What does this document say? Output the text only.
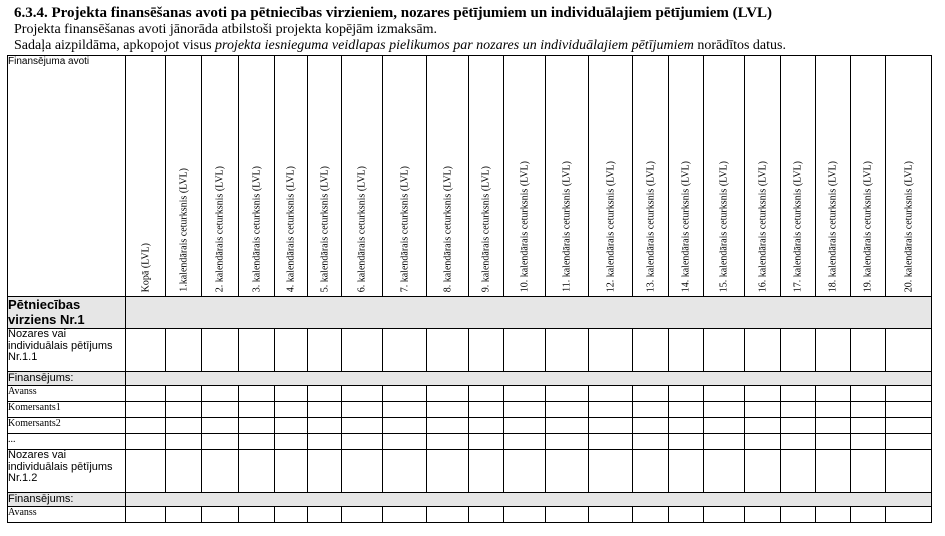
6.3.4. Projekta finansēšanas avoti pa pētniecības virzieniem, nozares pētījumiem un individuālajiem pētījumiem (LVL)
Projekta finansēšanas avoti jānorāda atbilstoši projekta kopējām izmaksām.
Sadaļa aizpildāma, apkopojot visus projekta iesnieguma veidlapas pielikumos par nozares un individuālajiem pētījumiem norādītos datus.
Finansējuma avoti	Kopā (LVL)	1.kalendārais ceturksnis (LVL)	2. kalendārais ceturksnis (LVL)	3. kalendārais ceturksnis (LVL)	4. kalendārais ceturksnis (LVL)	5. kalendārais ceturksnis (LVL)	6. kalendārais ceturksnis (LVL)	7. kalendārais ceturksnis (LVL)	8. kalendārais ceturksnis (LVL)	9. kalendārais ceturksnis (LVL)	10. kalendārais ceturksnis (LVL)	11. kalendārais ceturksnis (LVL)	12. kalendārais ceturksnis (LVL)	13. kalendārais ceturksnis (LVL)	14. kalendārais ceturksnis (LVL)	15. kalendārais ceturksnis (LVL)	16. kalendārais ceturksnis (LVL)	17. kalendārais ceturksnis (LVL)	18. kalendārais ceturksnis (LVL)	19. kalendārais ceturksnis (LVL)	20. kalendārais ceturksnis (LVL)

Pētniecības virziens Nr.1																					
Nozares vai individuālais pētījums Nr.1.1																					
Finansējums:																					
Avanss																					
Komersants1																					
Komersants2																					
...																					
Nozares vai individuālais pētījums Nr.1.2																					
Finansējums:																					
Avanss																					
